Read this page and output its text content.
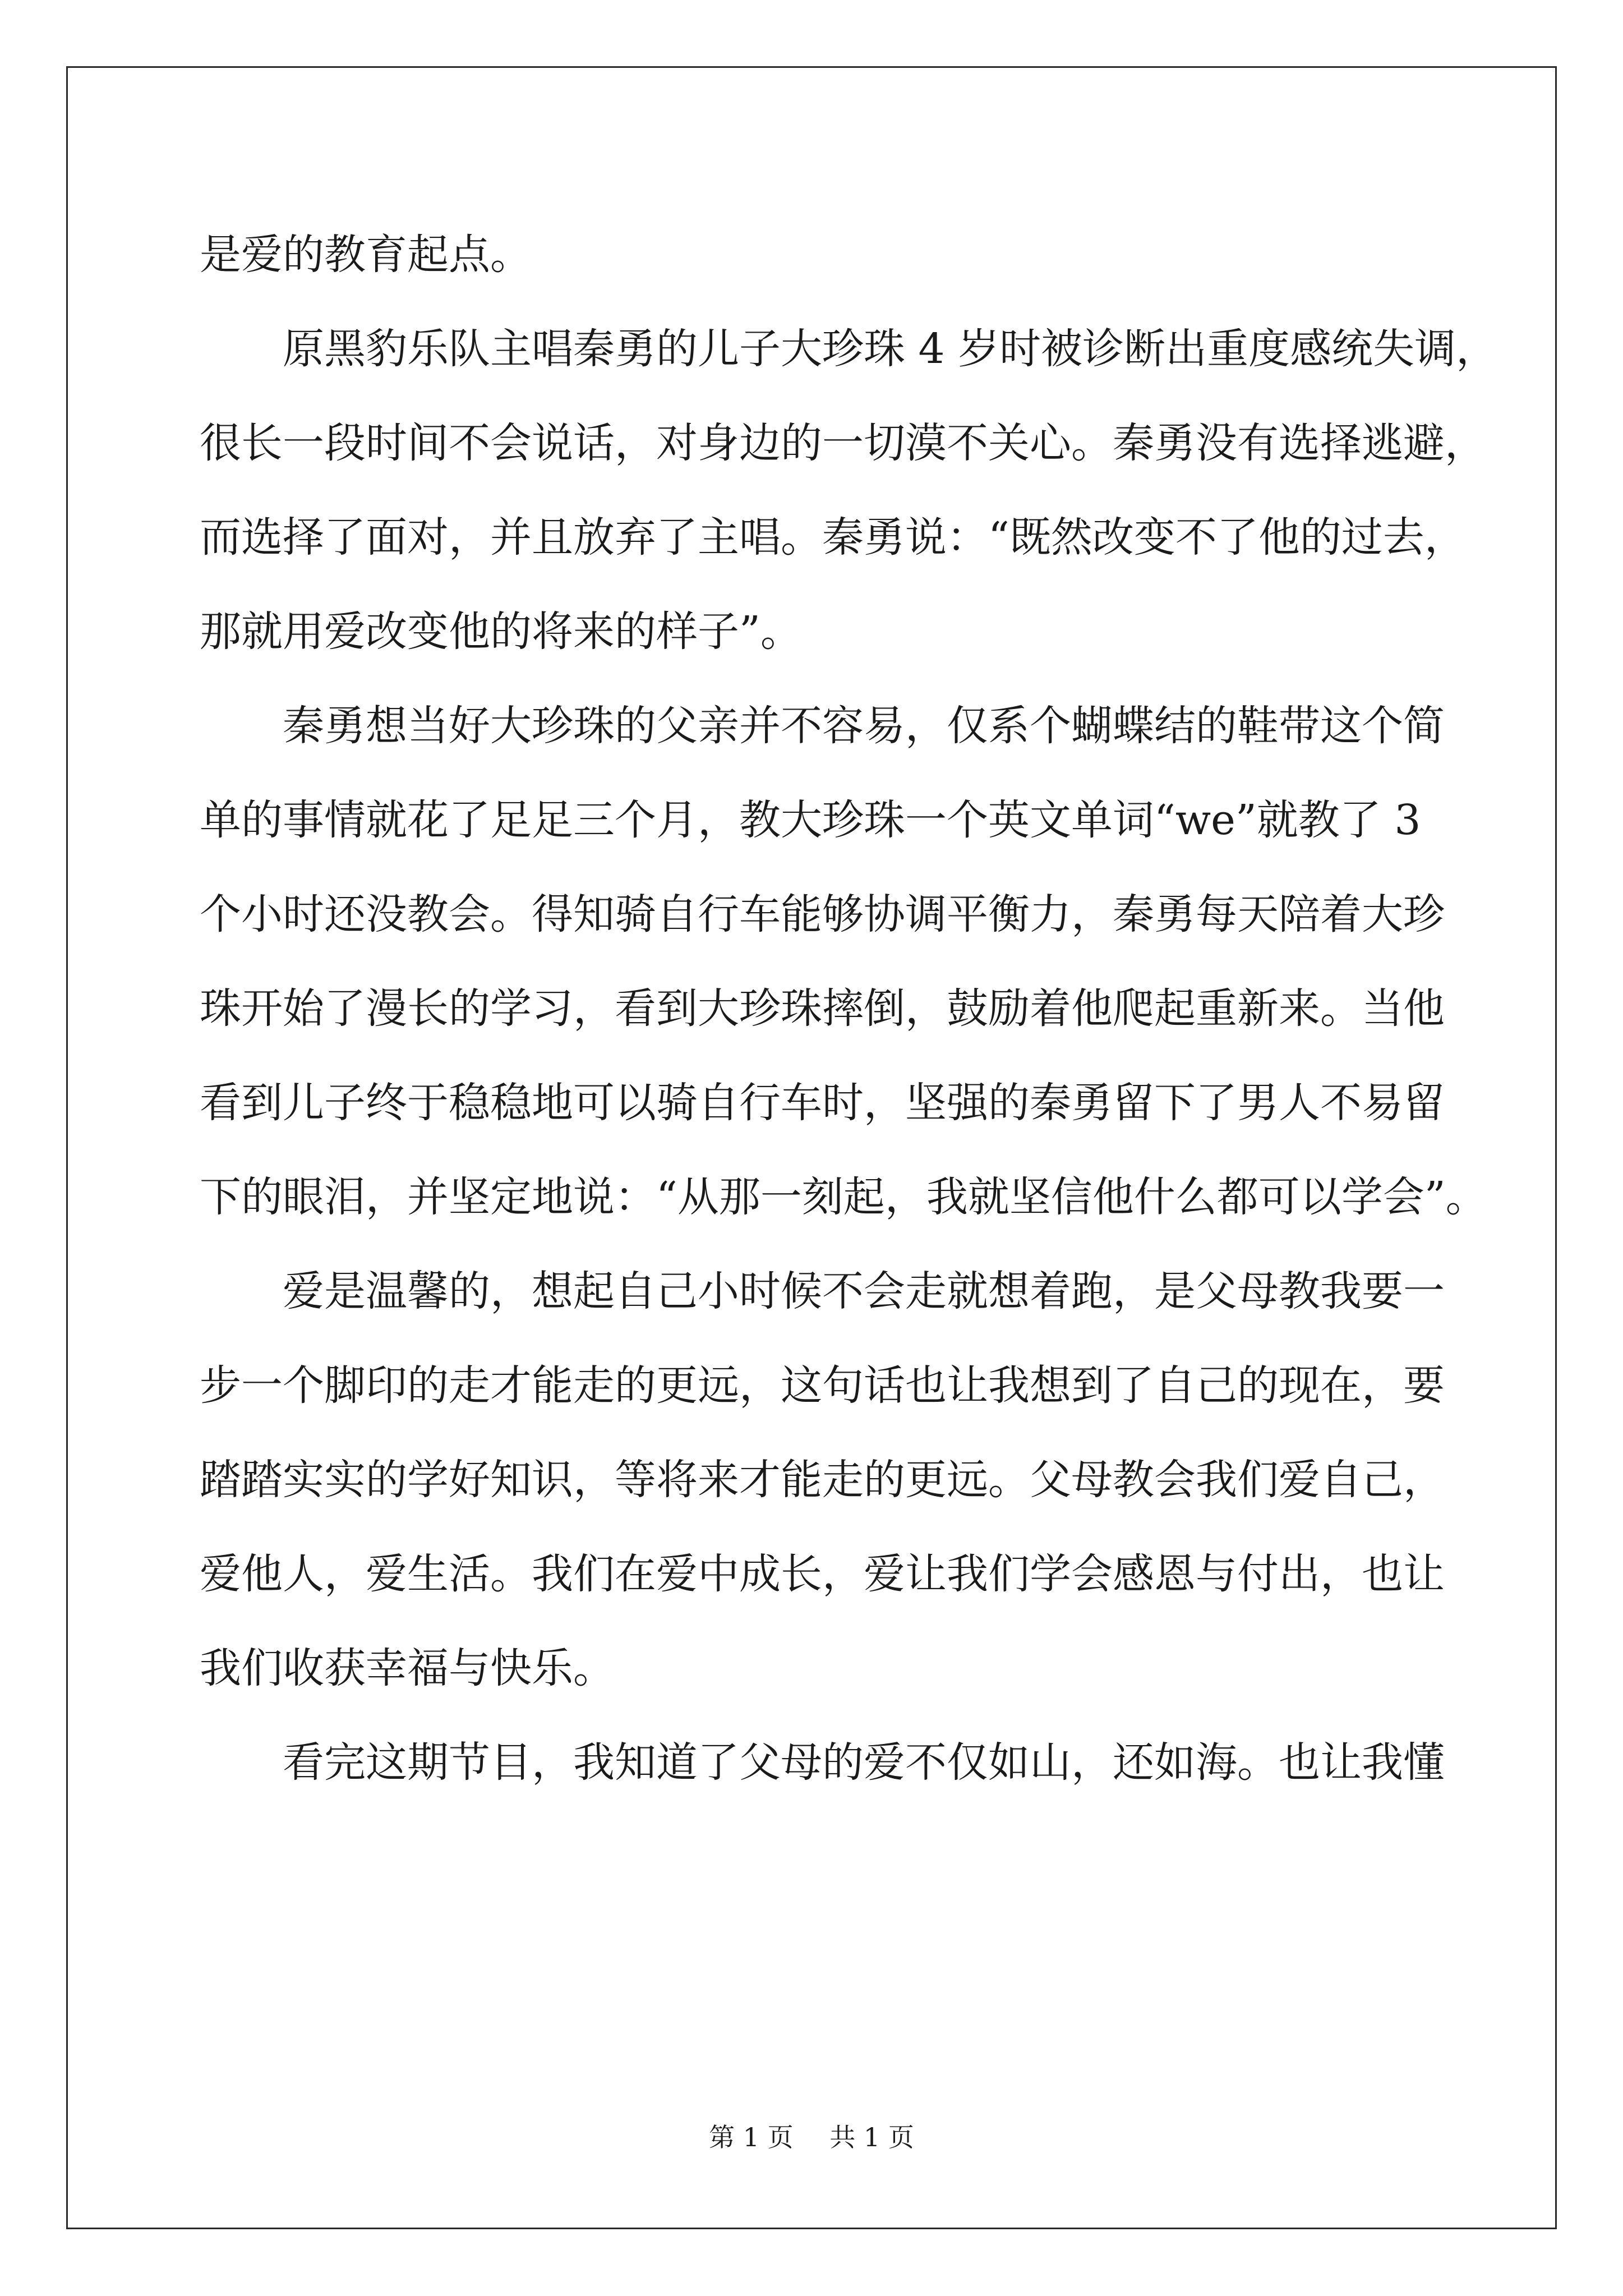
是爱的教育起点。
原黑豹乐队主唱秦勇的儿子大珍珠 4 岁时被诊断出重度感统失调，
很长一段时间不会说话，对身边的一切漠不关心。秦勇没有选择逃避，
而选择了面对，并且放弃了主唱。秦勇说：“既然改变不了他的过去，
那就用爱改变他的将来的样子”。
秦勇想当好大珍珠的父亲并不容易，仅系个蝴蝶结的鞋带这个简
单的事情就花了足足三个月，教大珍珠一个英文单词“we”就教了 3
个小时还没教会。得知骑自行车能够协调平衡力，秦勇每天陪着大珍
珠开始了漫长的学习，看到大珍珠摔倒，鼓励着他爬起重新来。当他
看到儿子终于稳稳地可以骑自行车时，坚强的秦勇留下了男人不易留
下的眼泪，并坚定地说：“从那一刻起，我就坚信他什么都可以学会”。
爱是温馨的，想起自己小时候不会走就想着跑，是父母教我要一
步一个脚印的走才能走的更远，这句话也让我想到了自己的现在，要
踏踏实实的学好知识，等将来才能走的更远。父母教会我们爱自己，
爱他人，爱生活。我们在爱中成长，爱让我们学会感恩与付出，也让
我们收获幸福与快乐。
看完这期节目，我知道了父母的爱不仅如山，还如海。也让我懂
第 1 页 共 1 页
